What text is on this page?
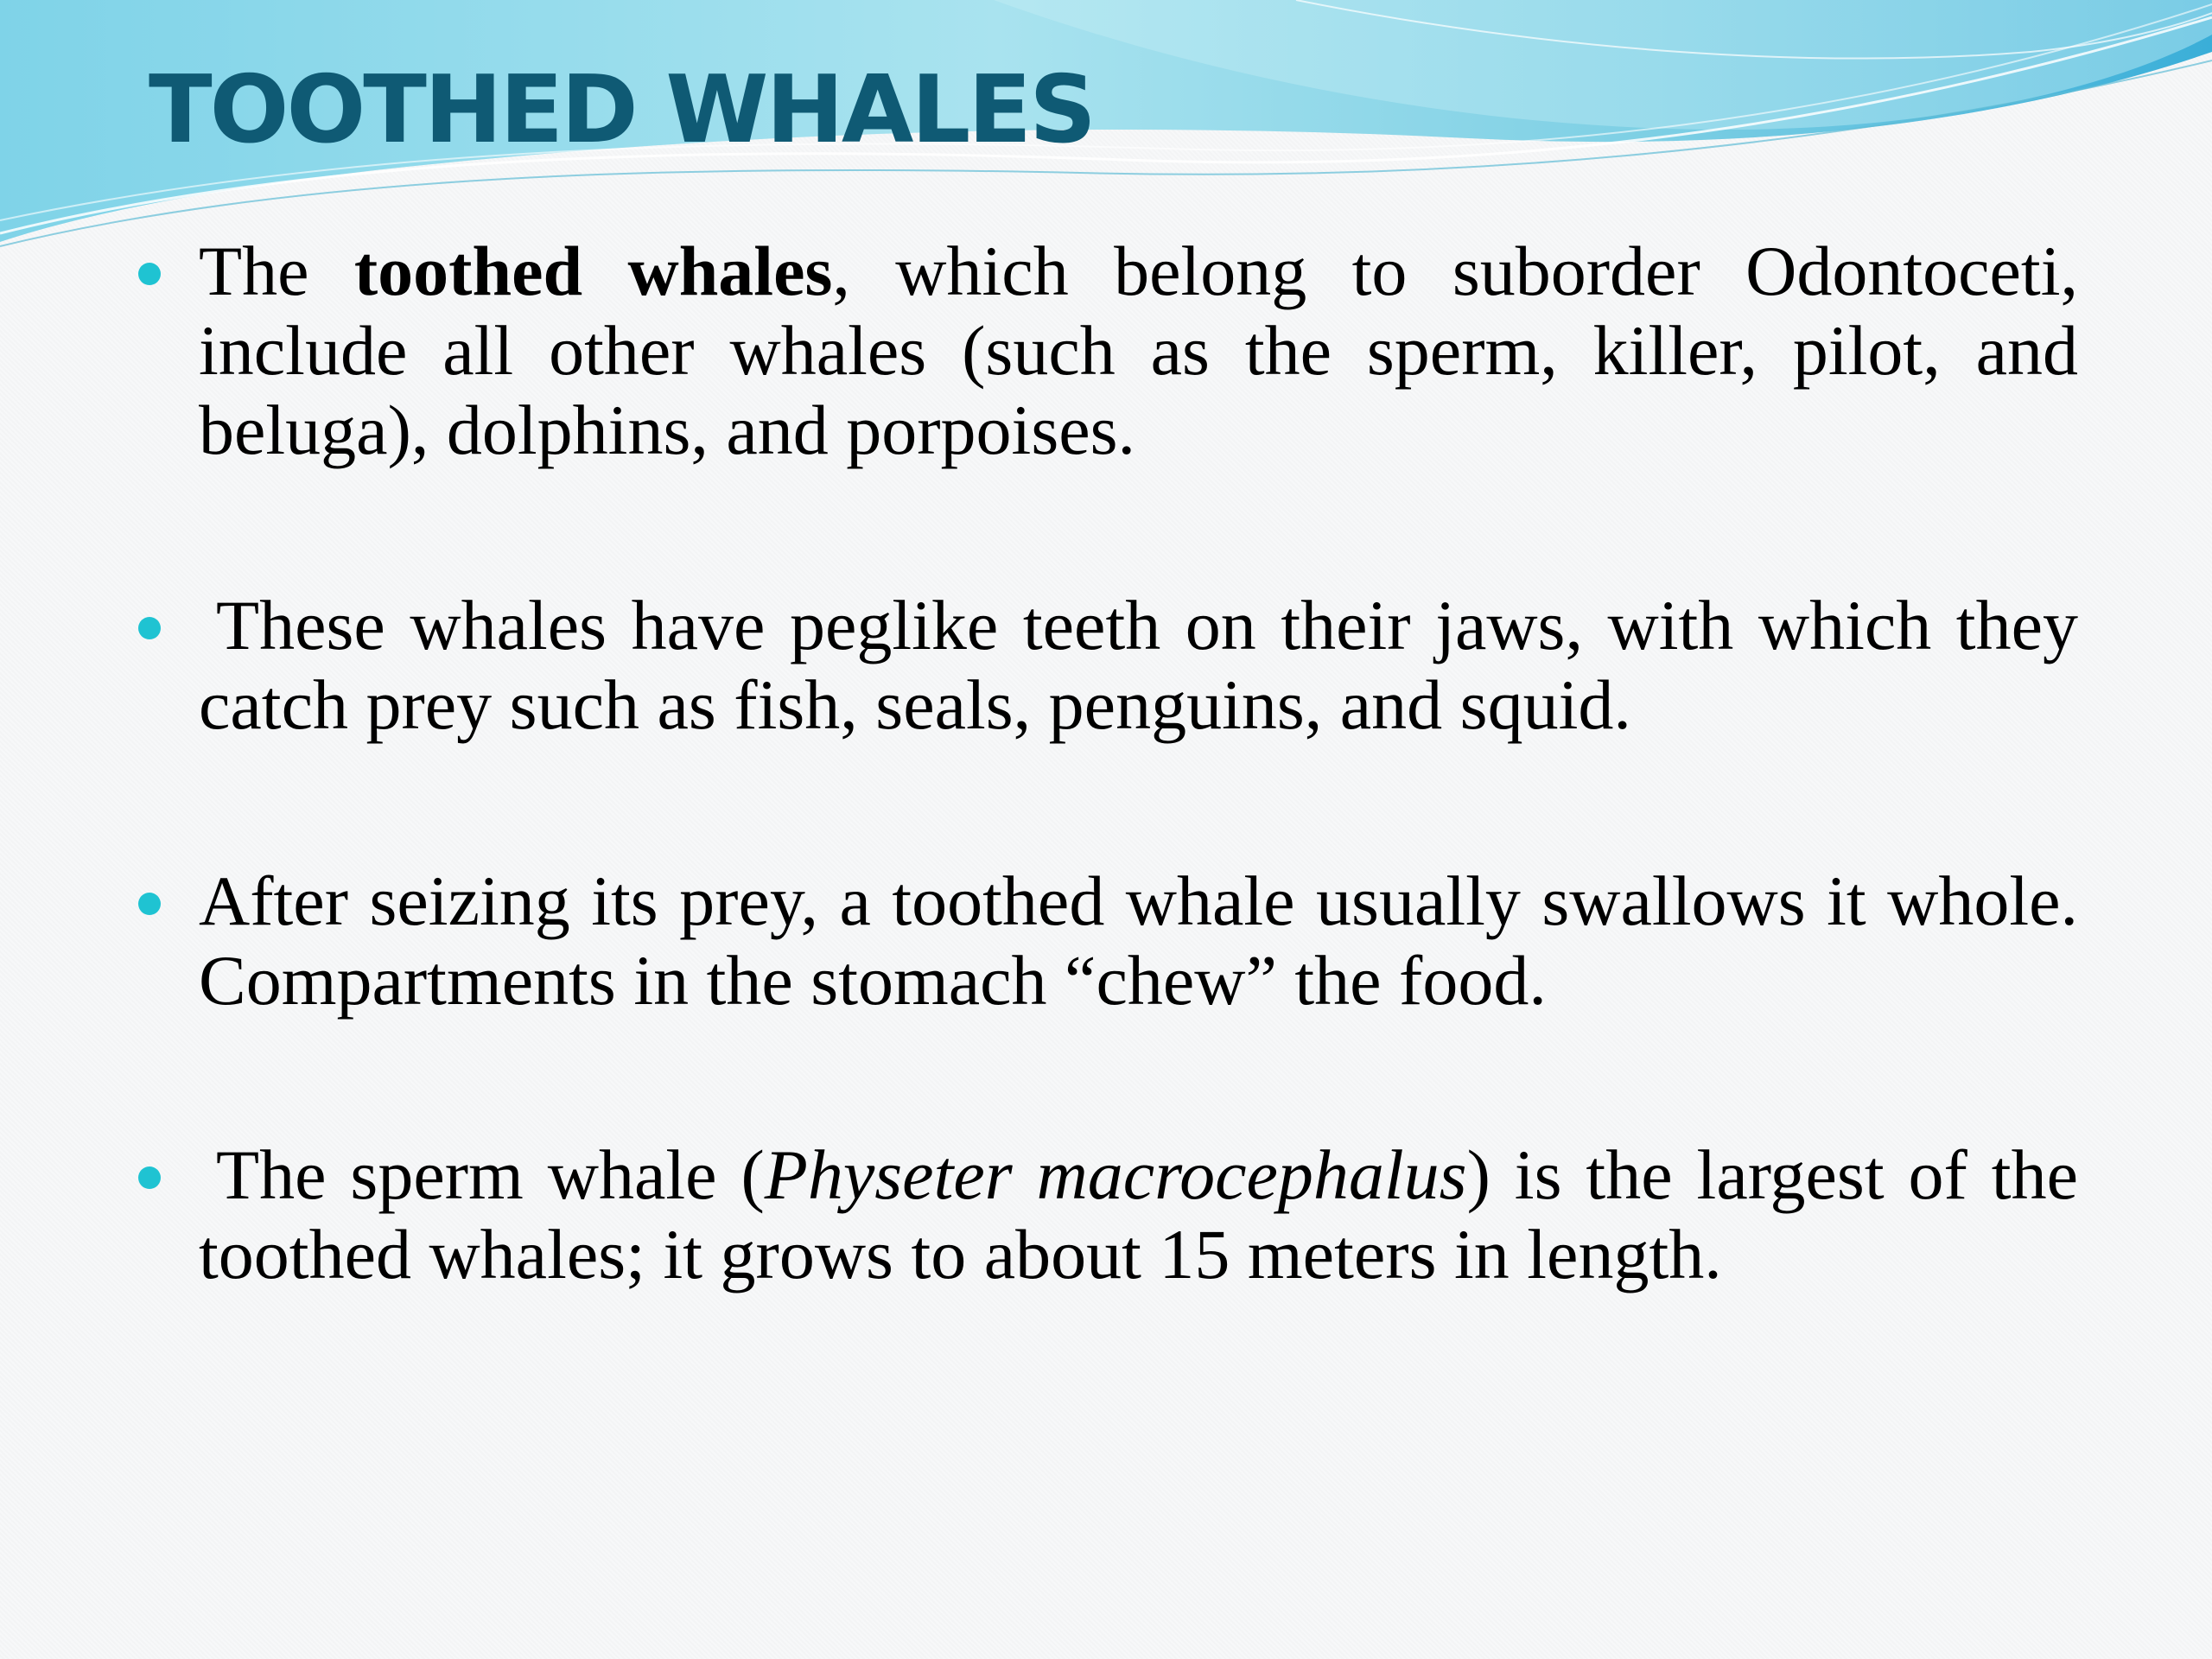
TOOTHED WHALES
The toothed whales, which belong to suborder Odontoceti, include all other whales (such as the sperm, killer, pilot, and beluga), dolphins, and porpoises.
These whales have peglike teeth on their jaws, with which they catch prey such as fish, seals, penguins, and squid.
After seizing its prey, a toothed whale usually swallows it whole. Compartments in the stomach “chew” the food.
The sperm whale (Physeter macrocephalus) is the largest of the toothed whales; it grows to about 15 meters in length.
